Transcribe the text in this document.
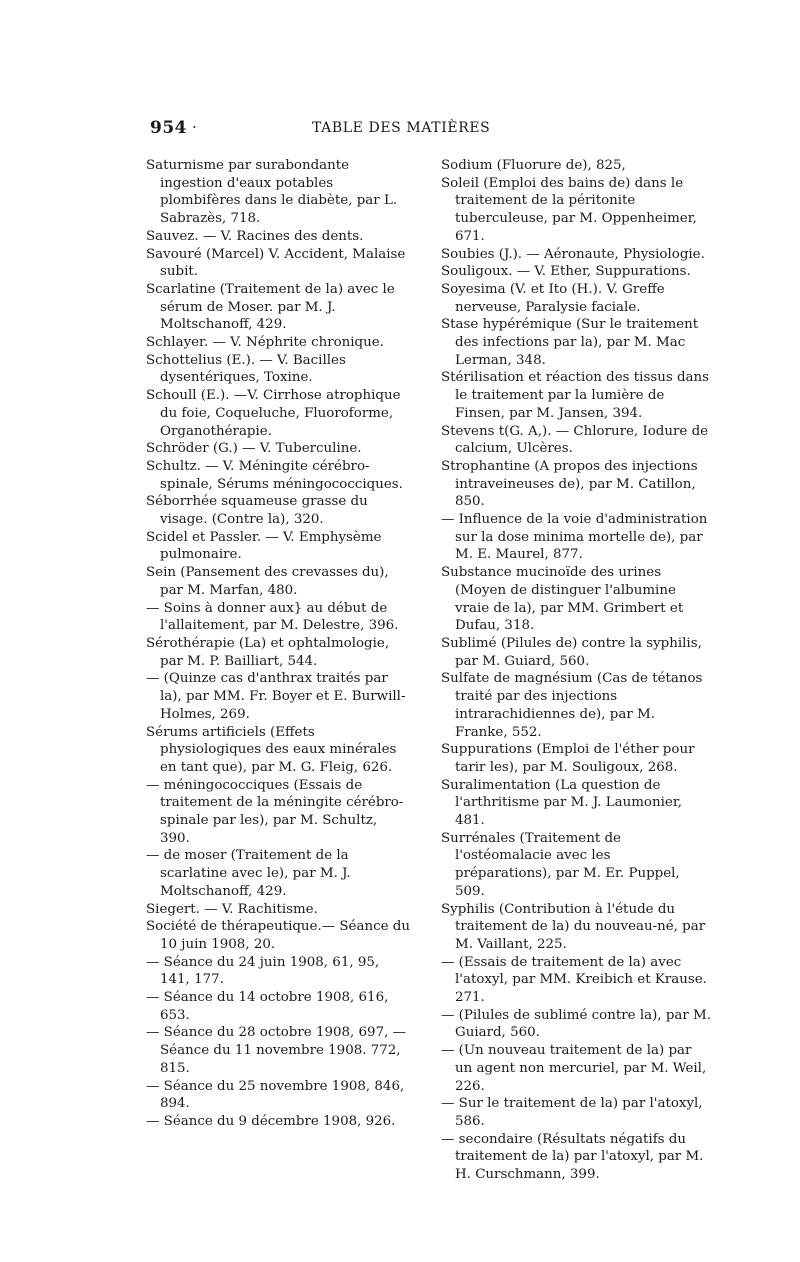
954 ·	TABLE DES MATIÈRES

Saturnisme par surabondante ingestion d'eaux potables plombifères dans le diabète, par L. Sabrazès, 718.

Sauvez. — V. Racines des dents.

Savouré (Marcel) V. Accident, Malaise subit.

Scarlatine (Traitement de la) avec le sérum de Moser. par M. J. Moltschanoff, 429.

Schlayer. — V. Néphrite chronique.

Schottelius (E.). — V. Bacilles dysentériques, Toxine.

Schoull (E.). —V. Cirrhose atrophique du foie, Coqueluche, Fluoroforme, Organothérapie.

Schröder (G.) — V. Tuberculine.

Schultz. — V. Méningite cérébro-spinale, Sérums méningococciques.

Séborrhée squameuse grasse du visage. (Contre la), 320.

Scidel et Passler. — V. Emphysème pulmonaire.

Sein (Pansement des crevasses du), par M. Marfan, 480.

— Soins à donner aux} au début de l'allaitement, par M. Delestre, 396.

Sérothérapie (La) et ophtalmologie, par M. P. Bailliart, 544.

— (Quinze cas d'anthrax traités par la), par MM. Fr. Boyer et E. Burwill-Holmes, 269.

Sérums artificiels (Effets physiologiques des eaux minérales en tant que), par M. G. Fleig, 626.

— méningococciques (Essais de traitement de la méningite cérébro-spinale par les), par M. Schultz, 390.

— de moser (Traitement de la scarlatine avec le), par M. J. Moltschanoff, 429.

Siegert. — V. Rachitisme.

Société de thérapeutique.— Séance du 10 juin 1908, 20.

— Séance du 24 juin 1908, 61, 95, 141, 177.

— Séance du 14 octobre 1908, 616, 653.

— Séance du 28 octobre 1908, 697, — Séance du 11 novembre 1908. 772, 815.

— Séance du 25 novembre 1908, 846, 894.

— Séance du 9 décembre 1908, 926.

Sodium (Fluorure de), 825,

Soleil (Emploi des bains de) dans le traitement de la péritonite tuberculeuse, par M. Oppenheimer, 671.

Soubies (J.). — Aéronaute, Physiologie.

Souligoux. — V. Ether, Suppurations.

Soyesima (V. et Ito (H.). V. Greffe nerveuse, Paralysie faciale.

Stase hypérémique (Sur le traitement des infections par la), par M. Mac Lerman, 348.

Stérilisation et réaction des tissus dans le traitement par la lumière de Finsen, par M. Jansen, 394.

Stevens t(G. A,). — Chlorure, Iodure de calcium, Ulcères.

Strophantine (A propos des injections intraveineuses de), par M. Catillon, 850.

— Influence de la voie d'administration sur la dose minima mortelle de), par M. E. Maurel, 877.

Substance mucinoïde des urines (Moyen de distinguer l'albumine vraie de la), par MM. Grimbert et Dufau, 318.

Sublimé (Pilules de) contre la syphilis, par M. Guiard, 560.

Sulfate de magnésium (Cas de tétanos traité par des injections intrarachidiennes de), par M. Franke, 552.

Suppurations (Emploi de l'éther pour tarir les), par M. Souligoux, 268.

Suralimentation (La question de l'arthritisme par M. J. Laumonier, 481.

Surrénales (Traitement de l'ostéomalacie avec les préparations), par M. Er. Puppel, 509.

Syphilis (Contribution à l'étude du traitement de la) du nouveau-né, par M. Vaillant, 225.

— (Essais de traitement de la) avec l'atoxyl, par MM. Kreibich et Krause. 271.

— (Pilules de sublimé contre la), par M. Guiard, 560.

— (Un nouveau traitement de la) par un agent non mercuriel, par M. Weil, 226.

— Sur le traitement de la) par l'atoxyl, 586.

— secondaire (Résultats négatifs du traitement de la) par l'atoxyl, par M. H. Curschmann, 399.
